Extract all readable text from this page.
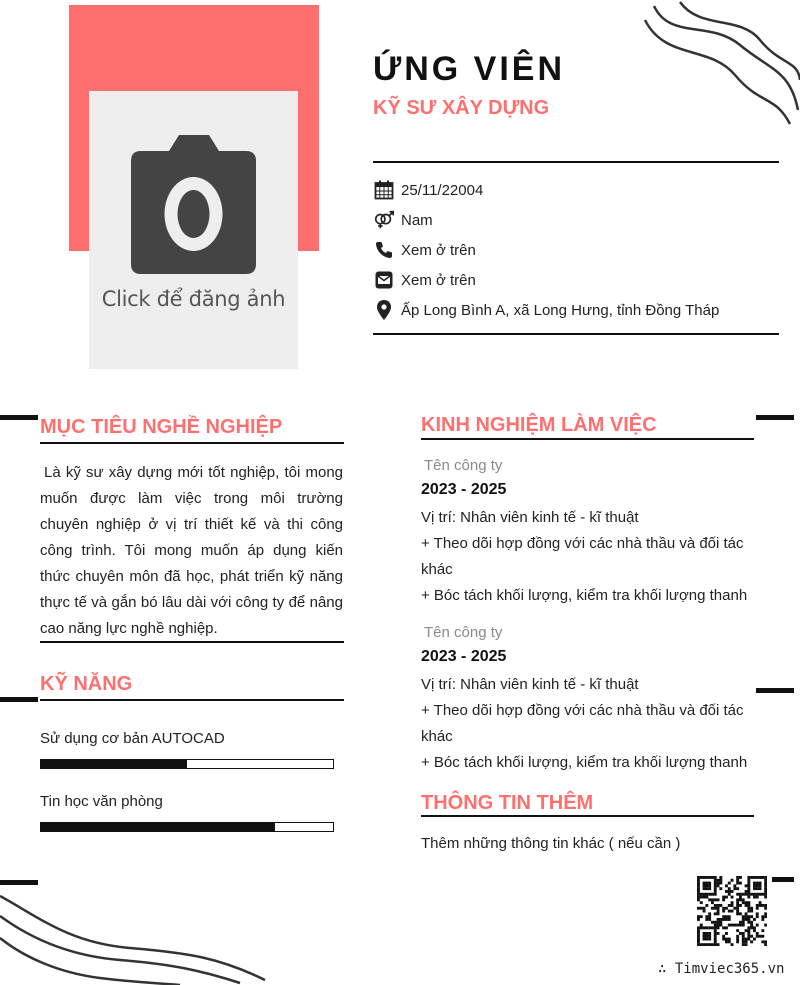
Click để đăng ảnh
ỨNG VIÊN
KỸ SƯ XÂY DỰNG
25/11/22004
Nam
Xem ở trên
Xem ở trên
Ấp Long Bình A, xã Long Hưng, tỉnh Đồng Tháp
MỤC TIÊU NGHỀ NGHIỆP
Là kỹ sư xây dựng mới tốt nghiệp, tôi mong muốn được làm việc trong môi trường chuyên nghiệp ở vị trí thiết kế và thi công công trình. Tôi mong muốn áp dụng kiến thức chuyên môn đã học, phát triển kỹ năng thực tế và gắn bó lâu dài với công ty để nâng cao năng lực nghề nghiệp.
KỸ NĂNG
Sử dụng cơ bản AUTOCAD
Tin học văn phòng
KINH NGHIỆM LÀM VIỆC
Tên công ty
2023 - 2025
Vị trí: Nhân viên kinh tế - kĩ thuật
+ Theo dõi hợp đồng với các nhà thầu và đối tác khác
+ Bóc tách khối lượng, kiểm tra khối lượng thanh
Tên công ty
2023 - 2025
Vị trí: Nhân viên kinh tế - kĩ thuật
+ Theo dõi hợp đồng với các nhà thầu và đối tác khác
+ Bóc tách khối lượng, kiểm tra khối lượng thanh
THÔNG TIN THÊM
Thêm những thông tin khác ( nếu cần )
∴ Timviec365.vn
